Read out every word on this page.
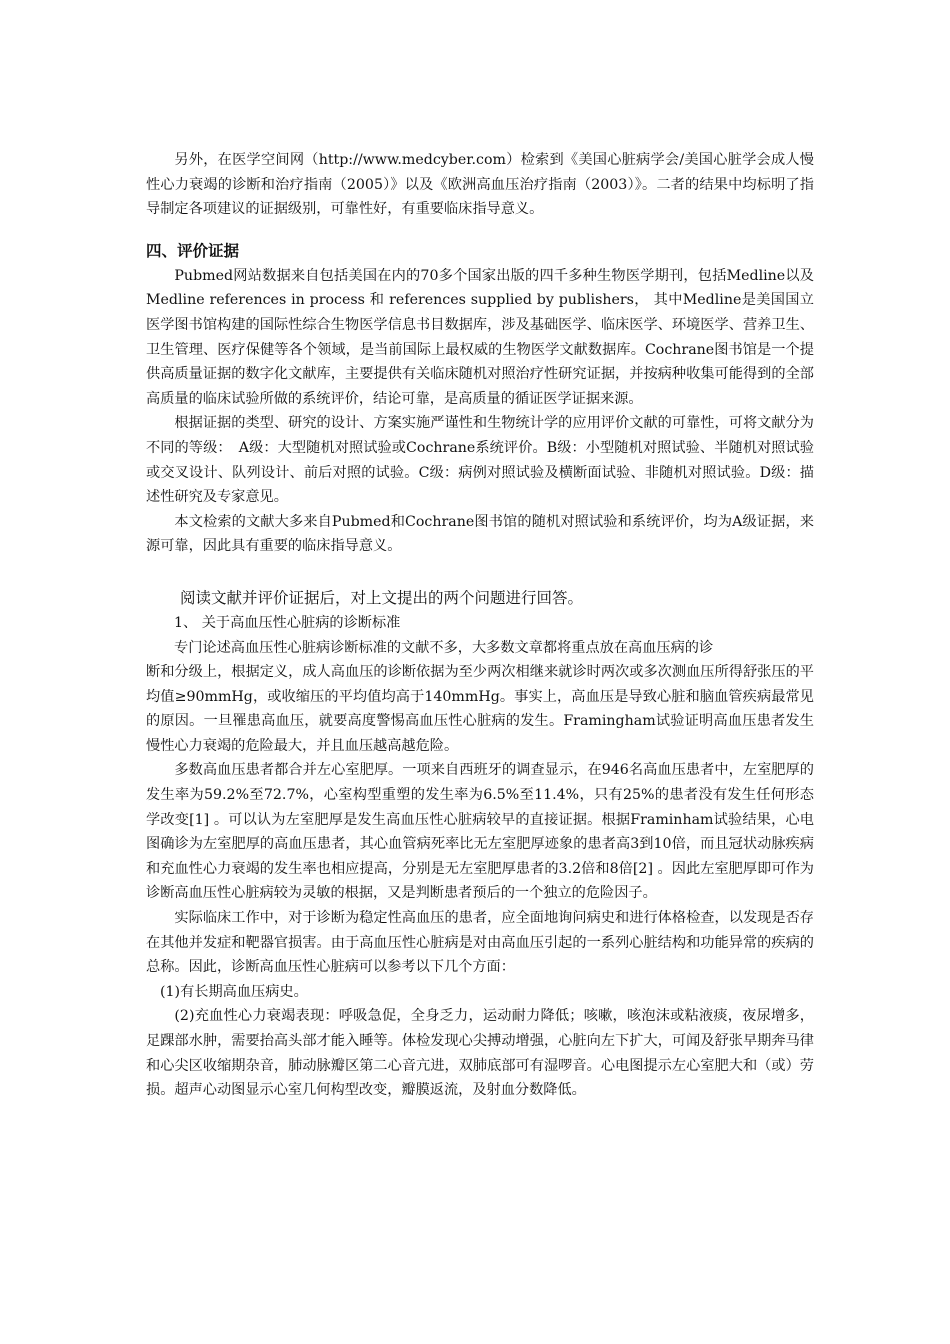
另外，在医学空间网（http://www.medcyber.com）检索到《美国心脏病学会/美国心脏学会成人慢性心力衰竭的诊断和治疗指南（2005）》以及《欧洲高血压治疗指南（2003）》。二者的结果中均标明了指导制定各项建议的证据级别，可靠性好，有重要临床指导意义。

四、评价证据

Pubmed网站数据来自包括美国在内的70多个国家出版的四千多种生物医学期刊，包括Medline以及 Medline references in process 和 references supplied by publishers， 其中Medline是美国国立医学图书馆构建的国际性综合生物医学信息书目数据库，涉及基础医学、临床医学、环境医学、营养卫生、卫生管理、医疗保健等各个领域，是当前国际上最权威的生物医学文献数据库。Cochrane图书馆是一个提供高质量证据的数字化文献库，主要提供有关临床随机对照治疗性研究证据，并按病种收集可能得到的全部高质量的临床试验所做的系统评价，结论可靠，是高质量的循证医学证据来源。

根据证据的类型、研究的设计、方案实施严谨性和生物统计学的应用评价文献的可靠性，可将文献分为不同的等级：　A级：大型随机对照试验或Cochrane系统评价。B级：小型随机对照试验、半随机对照试验或交叉设计、队列设计、前后对照的试验。C级：病例对照试验及横断面试验、非随机对照试验。D级：描述性研究及专家意见。

本文检索的文献大多来自Pubmed和Cochrane图书馆的随机对照试验和系统评价，均为A级证据，来源可靠，因此具有重要的临床指导意义。

阅读文献并评价证据后，对上文提出的两个问题进行回答。

1、 关于高血压性心脏病的诊断标准

专门论述高血压性心脏病诊断标准的文献不多，大多数文章都将重点放在高血压病的诊

断和分级上，根据定义，成人高血压的诊断依据为至少两次相继来就诊时两次或多次测血压所得舒张压的平均值≥90mmHg，或收缩压的平均值均高于140mmHg。事实上，高血压是导致心脏和脑血管疾病最常见的原因。一旦罹患高血压，就要高度警惕高血压性心脏病的发生。Framingham试验证明高血压患者发生慢性心力衰竭的危险最大，并且血压越高越危险。

多数高血压患者都合并左心室肥厚。一项来自西班牙的调查显示，在946名高血压患者中，左室肥厚的发生率为59.2%至72.7%，心室构型重塑的发生率为6.5%至11.4%，只有25%的患者没有发生任何形态学改变[1] 。可以认为左室肥厚是发生高血压性心脏病较早的直接证据。根据Framinham试验结果，心电图确诊为左室肥厚的高血压患者，其心血管病死率比无左室肥厚迹象的患者高3到10倍，而且冠状动脉疾病和充血性心力衰竭的发生率也相应提高，分别是无左室肥厚患者的3.2倍和8倍[2] 。因此左室肥厚即可作为诊断高血压性心脏病较为灵敏的根据，又是判断患者预后的一个独立的危险因子。

实际临床工作中，对于诊断为稳定性高血压的患者，应全面地询问病史和进行体格检查，以发现是否存在其他并发症和靶器官损害。由于高血压性心脏病是对由高血压引起的一系列心脏结构和功能异常的疾病的总称。因此，诊断高血压性心脏病可以参考以下几个方面：

(1)有长期高血压病史。

(2)充血性心力衰竭表现：呼吸急促，全身乏力，运动耐力降低；咳嗽，咳泡沫或粘液痰，夜尿增多，足踝部水肿，需要抬高头部才能入睡等。体检发现心尖搏动增强，心脏向左下扩大，可闻及舒张早期奔马律和心尖区收缩期杂音，肺动脉瓣区第二心音亢进，双肺底部可有湿啰音。心电图提示左心室肥大和（或）劳损。超声心动图显示心室几何构型改变，瓣膜返流，及射血分数降低。
